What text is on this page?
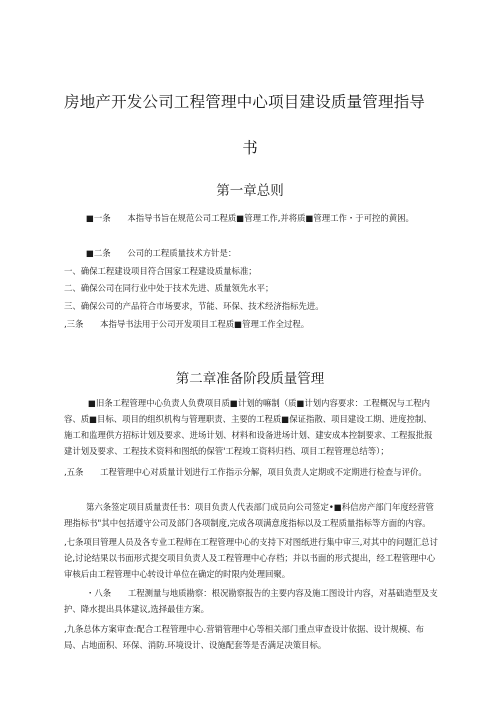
房地产开发公司工程管理中心项目建设质量管理指导
书
第一章总则
■一条　　本指导书旨在规范公司工程质■管理工作,并将质■管理工作・于可控的黄困。
■二条　　公司的工程质量技术方针是：
一、确保工程建设项目符合国家工程建设质量标准；
二、确保公司在同行业中处于技术先进、质量领先水平；
三、确保公司的产品符合市场要求，节能、环保、技术经济指标先进。
,三条　　本指导书法用于公司开发项目工程质■管理工作全过程。
第二章准备阶段质量管理
■旧条工程管理中心负责人负费项目质■计划的嘛制（质■计划内容要求：工程概况与工程内容、质■目标、项目的组织机构与管理职责、主要的工程质■保证指散、项目建设工期、进度控制、施工和监理供方招标计划及要求、进场计划、材料和设备进场计划、建安成本控制要求、工程报批报建计划及要求、工程技术资料和图纸的保管'工程竣工资料归档、项目工程管理总结等）；
,五条　　工程管理中心对质量计划进行工作指示分解，项目负责人定期或不定期进行检查与评价。
第六条签定项目质量责任书：项目负责人代表部门成员向公司签定•■科信房产部门年度经营管理指标书"其中包括遵守公司及部门各项制度,完成各项满意度指标以及工程质量指标等方面的内容。
,七条项目管理人员及各专业工程师在工程管理中心的支持下对图纸进行集中审三,对其中的问题汇总讨论,讨论结果以书面形式提交项目负责人及工程管理中心存档；并以书面的形式提出，经工程管理中心审核后由工程管理中心转设计单位在确定的时限内处理回聚。
・八条　　工程测量与地质勘察：根况勘察报告的主要内容及施工图设计内容，对基础造型及支护、降水提出具体建议,选择最佳方案。
,九条总体方案审查:配合工程管理中心.营销管理中心等相关部门重点审查设计依据、设计规模、布局、占地面积、环保、消防.环境设计、设施配套等是否满足决策目标。
